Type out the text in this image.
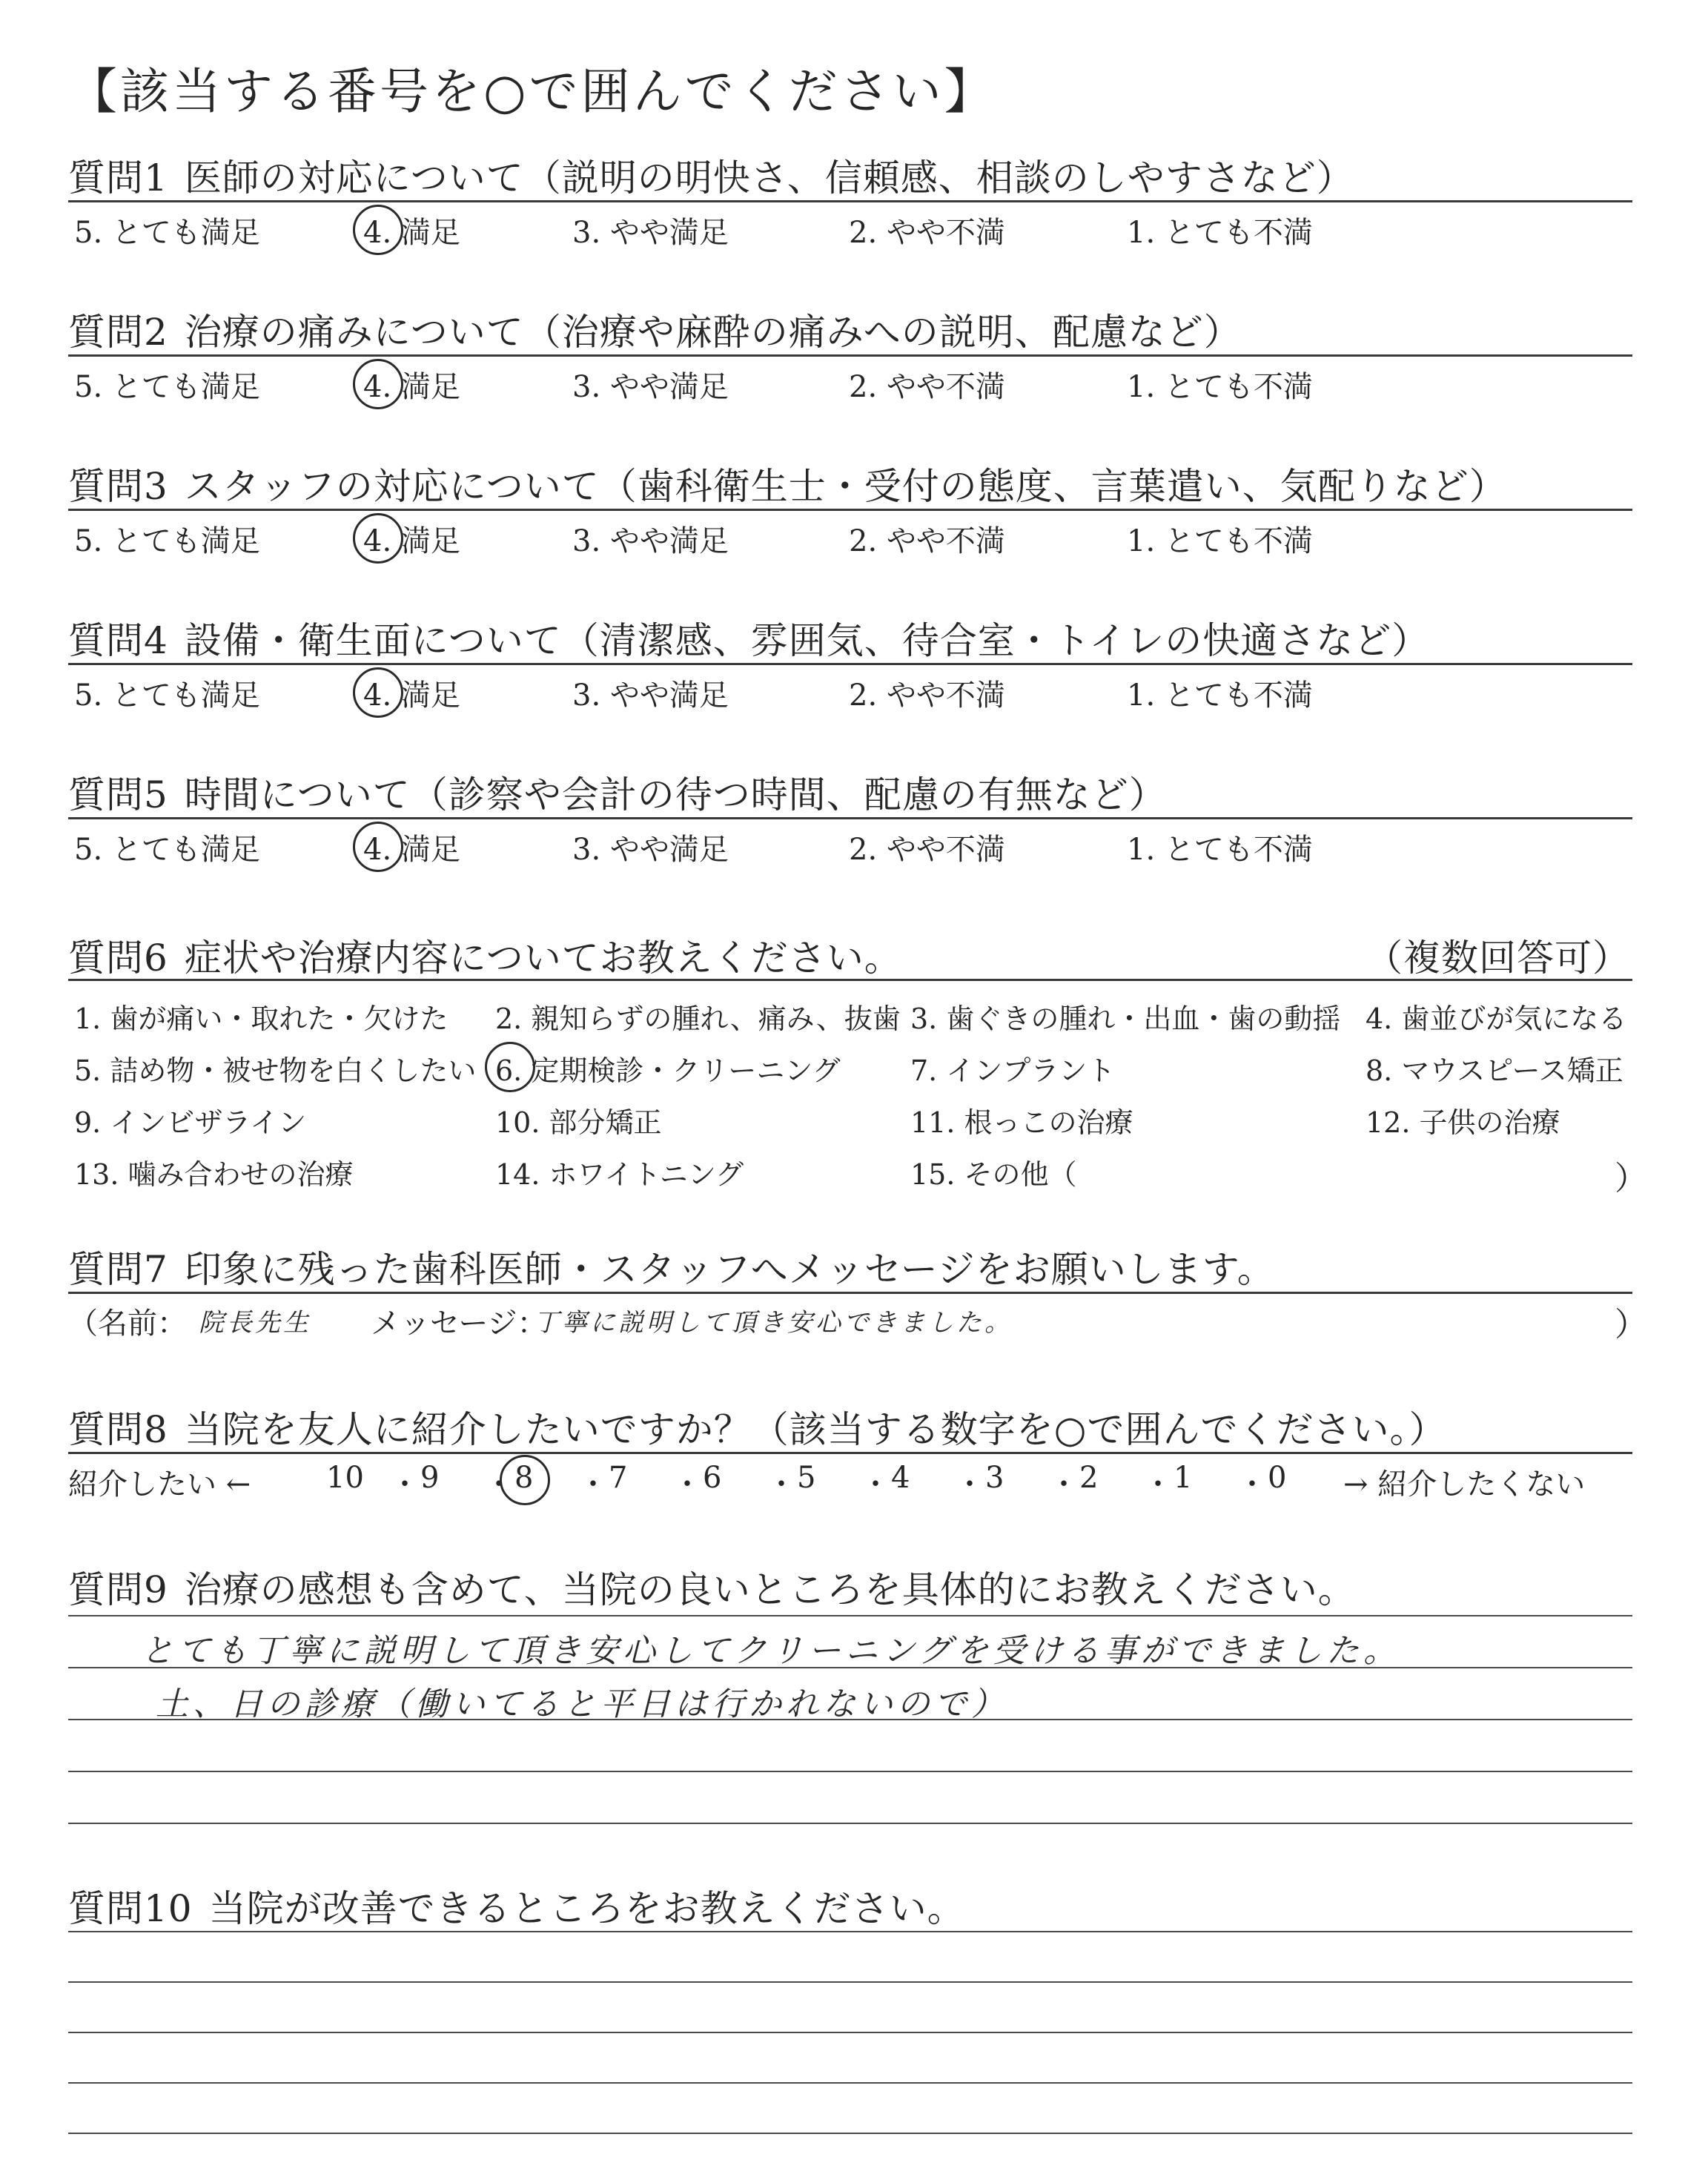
【該当する番号を○で囲んでください】
質問1 医師の対応について（説明の明快さ、信頼感、相談のしやすさなど）
5. とても満足	4. 満足	3. やや満足	2. やや不満	1. とても不満
質問2 治療の痛みについて（治療や麻酔の痛みへの説明、配慮など）
5. とても満足	4. 満足	3. やや満足	2. やや不満	1. とても不満
質問3 スタッフの対応について（歯科衛生士・受付の態度、言葉遣い、気配りなど）
5. とても満足	4. 満足	3. やや満足	2. やや不満	1. とても不満
質問4 設備・衛生面について（清潔感、雰囲気、待合室・トイレの快適さなど）
5. とても満足	4. 満足	3. やや満足	2. やや不満	1. とても不満
質問5 時間について（診察や会計の待つ時間、配慮の有無など）
5. とても満足	4. 満足	3. やや満足	2. やや不満	1. とても不満
質問6 症状や治療内容についてお教えください。	（複数回答可）
1. 歯が痛い・取れた・欠けた 2. 親知らずの腫れ、痛み、抜歯 3. 歯ぐきの腫れ・出血・歯の動揺 4. 歯並びが気になる
5. 詰め物・被せ物を白くしたい 6. 定期検診・クリーニング 7. インプラント	8. マウスピース矯正
9. インビザライン	10. 部分矯正	11. 根っこの治療	12. 子供の治療
13. 噛み合わせの治療	14. ホワイトニング	15. その他（	）
質問7 印象に残った歯科医師・スタッフへメッセージをお願いします。
（名前： 院長先生 メッセージ：
丁寧に説明して頂き安心できました。	）
質問8 当院を友人に紹介したいですか？（該当する数字を○で囲んでください。）
紹介したい ←	10 ・ 9 ・ 8 ・ 7 ・ 6 ・ 5 ・ 4 ・ 3 ・ 2 ・ 1 ・ 0 → 紹介したくない
質問9 治療の感想も含めて、当院の良いところを具体的にお教えください。
とても丁寧に説明して頂き安心してクリーニングを受ける事ができました。
土、日の診療（働いてると平日は行かれないので）
質問10 当院が改善できるところをお教えください。
